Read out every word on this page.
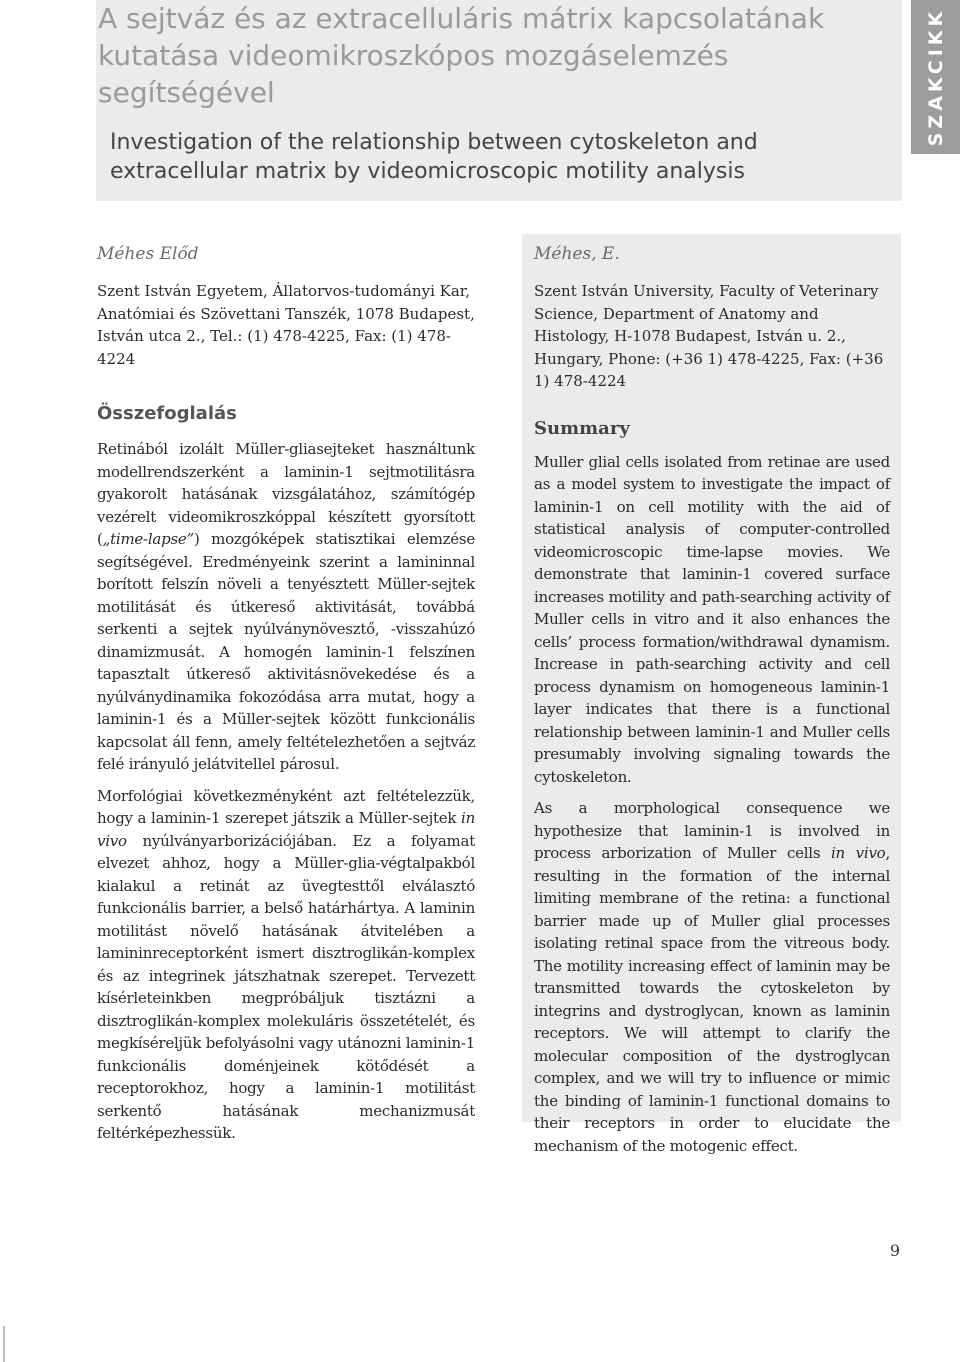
A sejtváz és az extracelluláris mátrix kapcsolatának kutatása videomikroszkópos mozgáselemzés segítségével
Investigation of the relationship between cytoskeleton and extracellular matrix by videomicroscopic motility analysis
SZAKCIKK

Méhes Előd

Szent István Egyetem, Állatorvos-tudományi Kar, Anatómiai és Szövettani Tanszék, 1078 Budapest, István utca 2., Tel.: (1) 478-4225, Fax: (1) 478-4224

Összefoglalás

Retinából izolált Müller-gliasejteket használtunk modellrendszerként a laminin-1 sejtmotilitásra gyakorolt hatásának vizsgálatához, számítógép vezérelt videomikroszkóppal készített gyorsított („time-lapse”) mozgóképek statisztikai elemzése segítségével. Eredményeink szerint a lamininnal borított felszín növeli a tenyésztett Müller-sejtek motilitását és útkereső aktivitását, továbbá serkenti a sejtek nyúlványnövesztő, -visszahúzó dinamizmusát. A homogén laminin-1 felszínen tapasztalt útkereső aktivitásnövekedése és a nyúlványdinamika fokozódása arra mutat, hogy a laminin-1 és a Müller-sejtek között funkcionális kapcsolat áll fenn, amely feltételezhetően a sejtváz felé irányuló jelátvitellel párosul.

Morfológiai következményként azt feltételezzük, hogy a laminin-1 szerepet játszik a Müller-sejtek in vivo nyúlványarborizációjában. Ez a folyamat elvezet ahhoz, hogy a Müller-glia-végtalpakból kialakul a retinát az üvegtesttől elválasztó funkcionális barrier, a belső határhártya. A laminin motilitást növelő hatásának átvitelében a lamininreceptorként ismert disztroglikán-komplex és az integrinek játszhatnak szerepet. Tervezett kísérleteinkben megpróbáljuk tisztázni a disztroglikán-komplex molekuláris összetételét, és megkíséreljük befolyásolni vagy utánozni laminin-1 funkcionális doménjeinek kötődését a receptorokhoz, hogy a laminin-1 motilitást serkentő hatásának mechanizmusát feltérképezhessük.

Méhes, E.

Szent István University, Faculty of Veterinary Science, Department of Anatomy and Histology, H-1078 Budapest, István u. 2., Hungary, Phone: (+36 1) 478-4225, Fax: (+36 1) 478-4224

Summary

Muller glial cells isolated from retinae are used as a model system to investigate the impact of laminin-1 on cell motility with the aid of statistical analysis of computer-controlled videomicroscopic time-lapse movies. We demonstrate that laminin-1 covered surface increases motility and path-searching activity of Muller cells in vitro and it also enhances the cells’ process formation/withdrawal dynamism. Increase in path-searching activity and cell process dynamism on homogeneous laminin-1 layer indicates that there is a functional relationship between laminin-1 and Muller cells presumably involving signaling towards the cytoskeleton.

As a morphological consequence we hypothesize that laminin-1 is involved in process arborization of Muller cells in vivo, resulting in the formation of the internal limiting membrane of the retina: a functional barrier made up of Muller glial processes isolating retinal space from the vitreous body. The motility increasing effect of laminin may be transmitted towards the cytoskeleton by integrins and dystroglycan, known as laminin receptors. We will attempt to clarify the molecular composition of the dystroglycan complex, and we will try to influence or mimic the binding of laminin-1 functional domains to their receptors in order to elucidate the mechanism of the motogenic effect.

9
